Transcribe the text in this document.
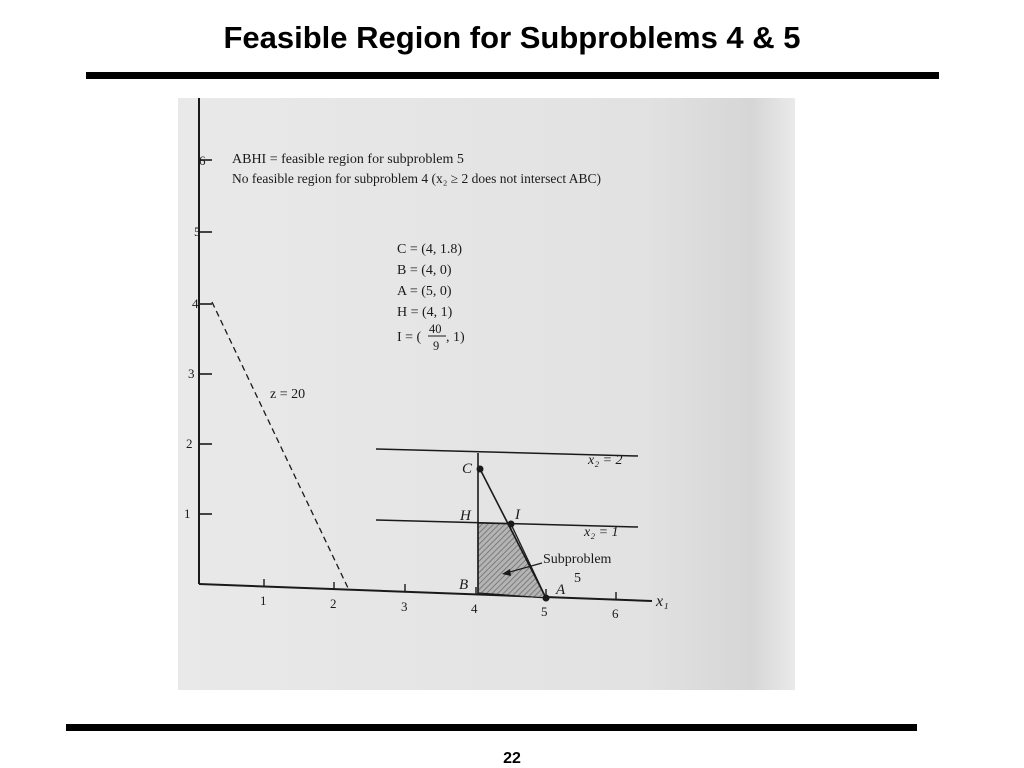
Feasible Region for Subproblems 4 & 5
6
5
4
3
2
1
1	2	3	4	5	6
x₁
ABHI = feasible region for subproblem 5
No feasible region for subproblem 4 (x₂ ≥ 2 does not intersect ABC)
C = (4, 1.8)
B = (4, 0)
A = (5, 0)
H = (4, 1)
I = (
40
9
, 1)
z = 20
x₂ = 2
x₂ = 1
C
H	I
B	A
Subproblem
5
22
